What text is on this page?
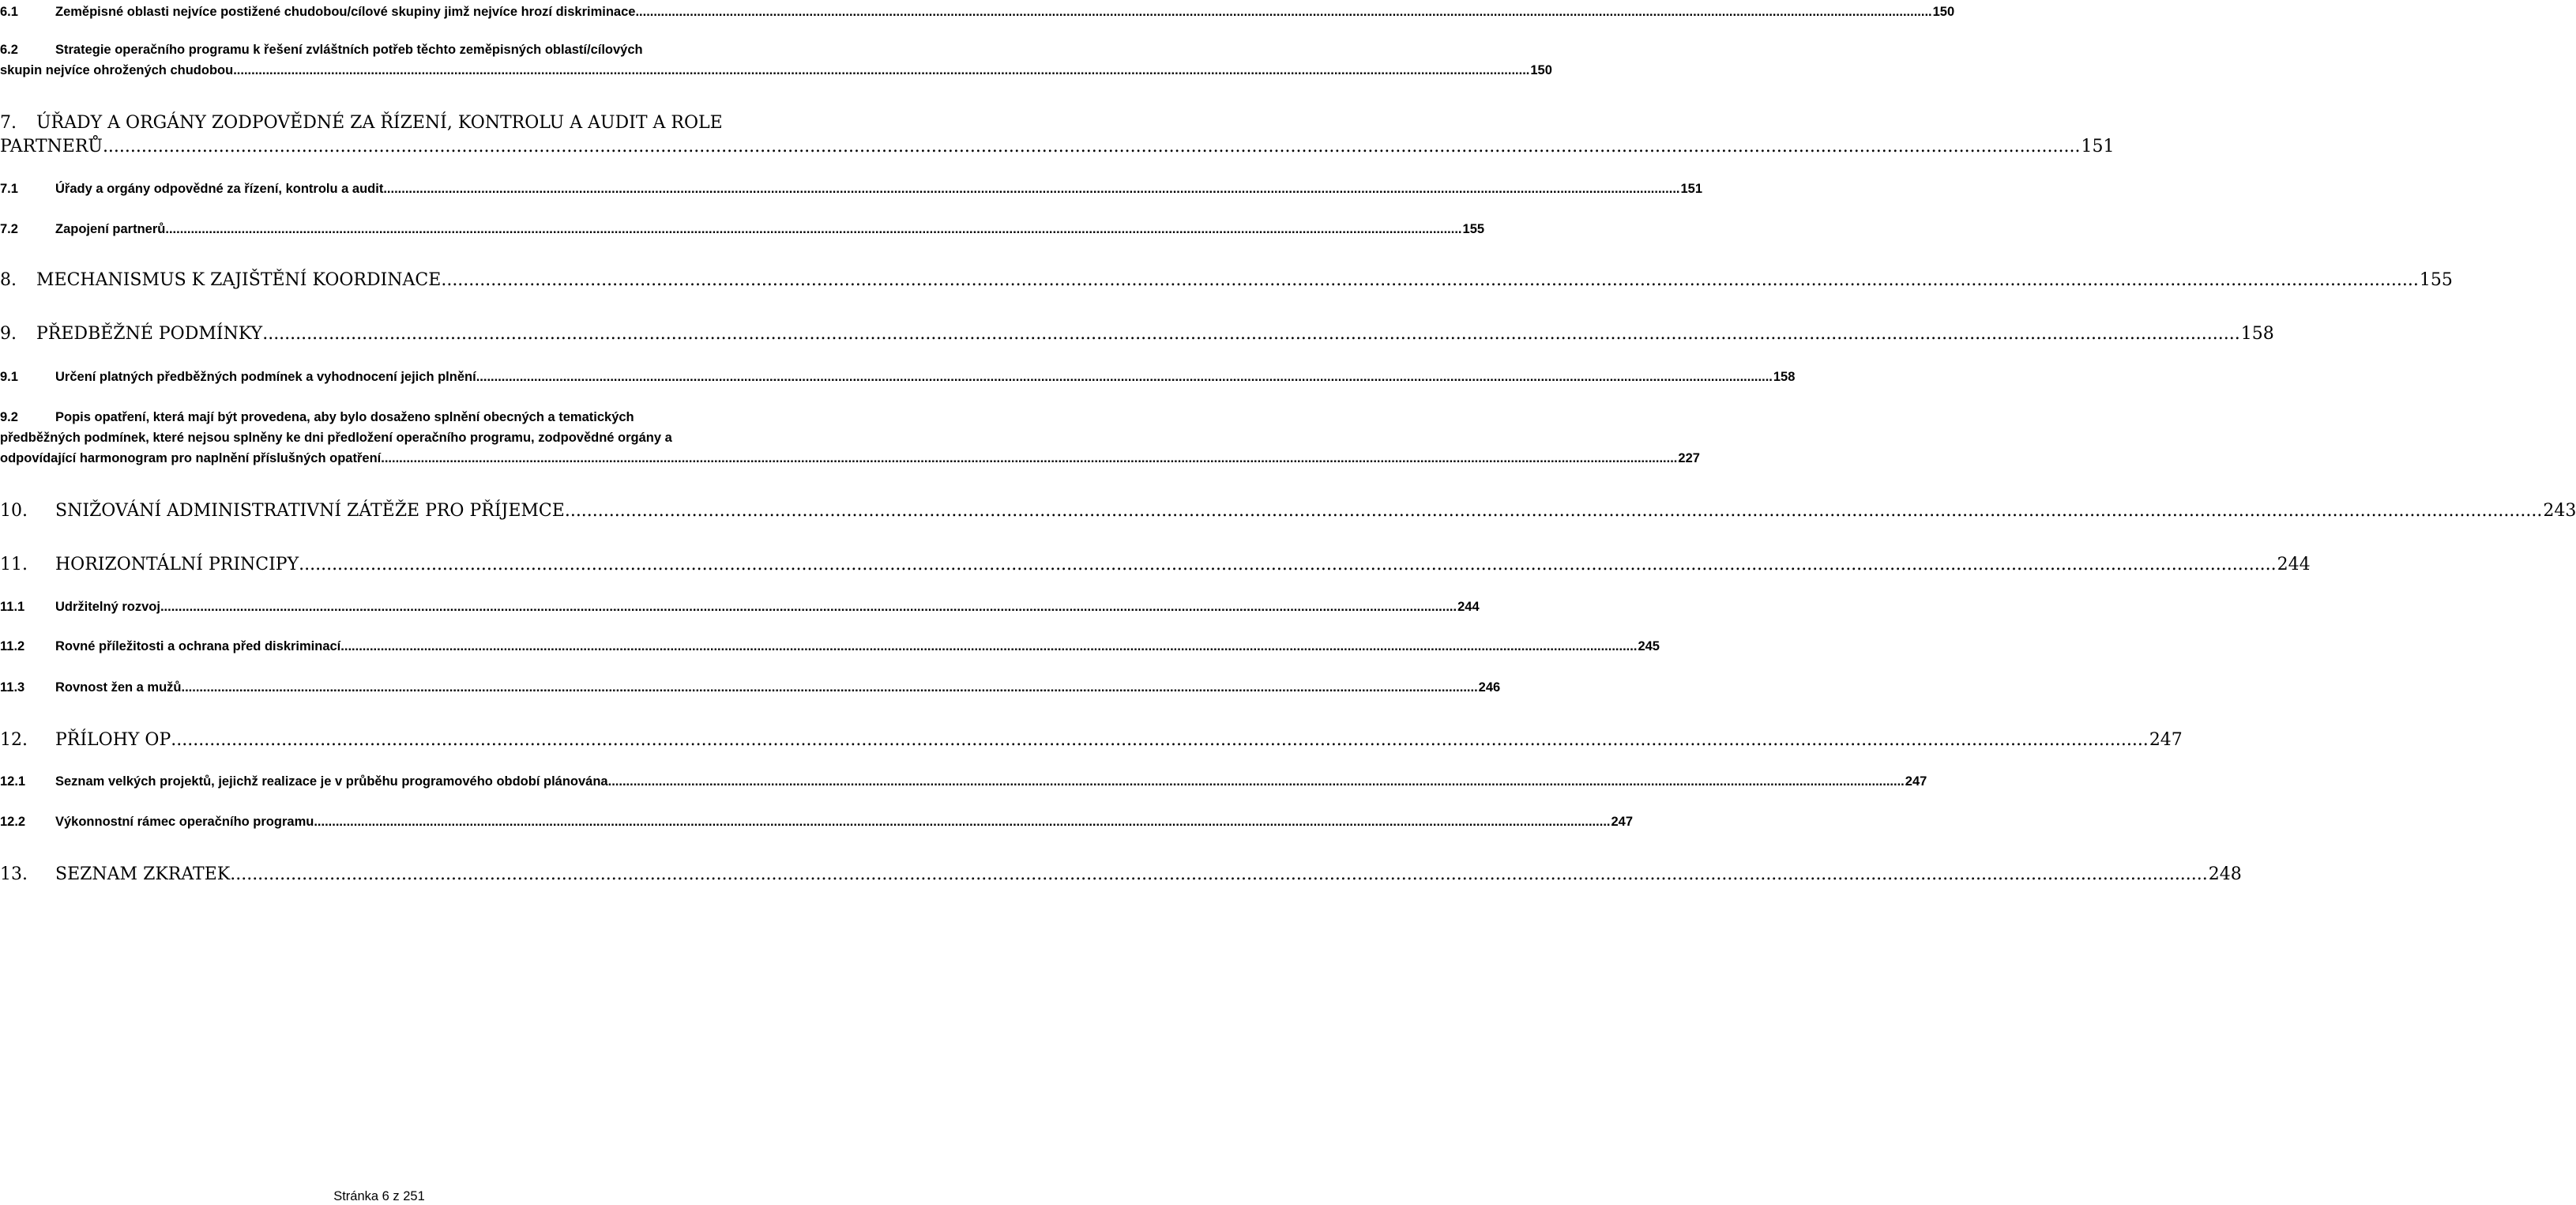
6.1	Zeměpisné oblasti nejvíce postižené chudobou/cílové skupiny jimž nejvíce hrozí diskriminace .....	150
6.2	Strategie operačního programu k řešení zvláštních potřeb těchto zeměpisných oblastí/cílových
skupin nejvíce ohrožených chudobou .....	150
7.	ÚŘADY A ORGÁNY ZODPOVĚDNÉ ZA ŘÍZENÍ, KONTROLU A AUDIT A ROLE
PARTNERŮ .....	151
7.1	Úřady a orgány odpovědné za řízení, kontrolu a audit .....	151
7.2	Zapojení partnerů .....	155
8.	MECHANISMUS K ZAJIŠTĚNÍ KOORDINACE .....	155
9.	PŘEDBĚŽNÉ PODMÍNKY .....	158
9.1	Určení platných předběžných podmínek a vyhodnocení jejich plnění .....	158
9.2	Popis opatření, která mají být provedena, aby bylo dosaženo splnění obecných a tematických
předběžných podmínek, které nejsou splněny ke dni předložení operačního programu, zodpovědné orgány a
odpovídající harmonogram pro naplnění příslušných opatření .....	227
10.	SNIŽOVÁNÍ ADMINISTRATIVNÍ ZÁTĚŽE PRO PŘÍJEMCE .....	243
11.	HORIZONTÁLNÍ PRINCIPY .....	244
11.1	Udržitelný rozvoj .....	244
11.2	Rovné příležitosti a ochrana před diskriminací .....	245
11.3	Rovnost žen a mužů .....	246
12.	PŘÍLOHY OP .....	247
12.1	Seznam velkých projektů, jejichž realizace je v průběhu programového období plánována .....	247
12.2	Výkonnostní rámec operačního programu .....	247
13.	SEZNAM ZKRATEK .....	248
Stránka 6 z 251
